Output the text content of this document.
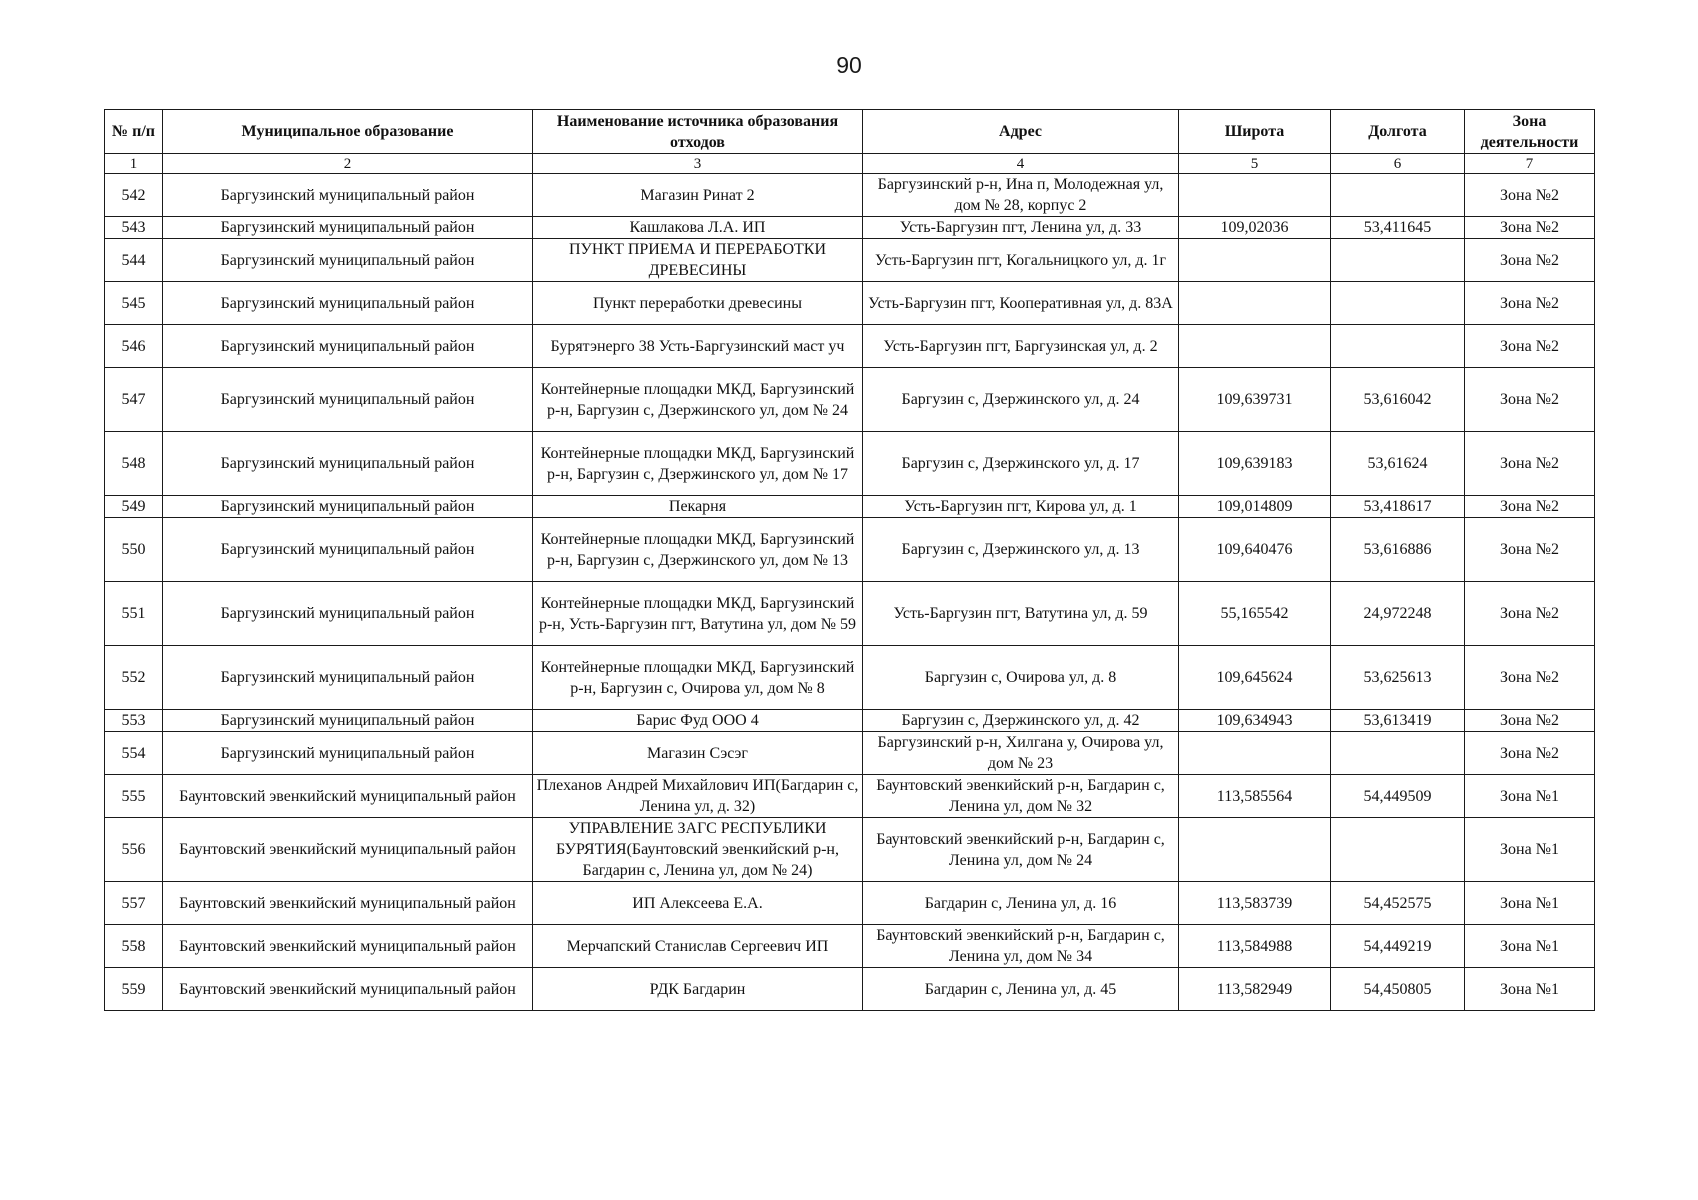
90
№ п/п	Муниципальное образование	Наименование источника образования отходов	Адрес	Широта	Долгота	Зона деятельности
1	2	3	4	5	6	7
542	Баргузинский муниципальный район	Магазин Ринат 2	Баргузинский р-н, Ина п, Молодежная ул, дом № 28, корпус 2			Зона №2
543	Баргузинский муниципальный район	Кашлакова Л.А. ИП	Усть-Баргузин пгт, Ленина ул, д. 33	109,02036	53,411645	Зона №2
544	Баргузинский муниципальный район	ПУНКТ ПРИЕМА И ПЕРЕРАБОТКИ ДРЕВЕСИНЫ	Усть-Баргузин пгт, Когальницкого ул, д. 1г			Зона №2
545	Баргузинский муниципальный район	Пункт переработки древесины	Усть-Баргузин пгт, Кооперативная ул, д. 83А			Зона №2
546	Баргузинский муниципальный район	Бурятэнерго 38 Усть-Баргузинский маст уч	Усть-Баргузин пгт, Баргузинская ул, д. 2			Зона №2
547	Баргузинский муниципальный район	Контейнерные площадки МКД, Баргузинский р-н, Баргузин с, Дзержинского ул, дом № 24	Баргузин с, Дзержинского ул, д. 24	109,639731	53,616042	Зона №2
548	Баргузинский муниципальный район	Контейнерные площадки МКД, Баргузинский р-н, Баргузин с, Дзержинского ул, дом № 17	Баргузин с, Дзержинского ул, д. 17	109,639183	53,61624	Зона №2
549	Баргузинский муниципальный район	Пекарня	Усть-Баргузин пгт, Кирова ул, д. 1	109,014809	53,418617	Зона №2
550	Баргузинский муниципальный район	Контейнерные площадки МКД, Баргузинский р-н, Баргузин с, Дзержинского ул, дом № 13	Баргузин с, Дзержинского ул, д. 13	109,640476	53,616886	Зона №2
551	Баргузинский муниципальный район	Контейнерные площадки МКД, Баргузинский р-н, Усть-Баргузин пгт, Ватутина ул, дом № 59	Усть-Баргузин пгт, Ватутина ул, д. 59	55,165542	24,972248	Зона №2
552	Баргузинский муниципальный район	Контейнерные площадки МКД, Баргузинский р-н, Баргузин с, Очирова ул, дом № 8	Баргузин с, Очирова ул, д. 8	109,645624	53,625613	Зона №2
553	Баргузинский муниципальный район	Барис Фуд ООО 4	Баргузин с, Дзержинского ул, д. 42	109,634943	53,613419	Зона №2
554	Баргузинский муниципальный район	Магазин Сэсэг	Баргузинский р-н, Хилгана у, Очирова ул, дом № 23			Зона №2
555	Баунтовский эвенкийский муниципальный район	Плеханов Андрей Михайлович ИП(Багдарин с, Ленина ул, д. 32)	Баунтовский эвенкийский р-н, Багдарин с, Ленина ул, дом № 32	113,585564	54,449509	Зона №1
556	Баунтовский эвенкийский муниципальный район	УПРАВЛЕНИЕ ЗАГС РЕСПУБЛИКИ БУРЯТИЯ(Баунтовский эвенкийский р-н, Багдарин с, Ленина ул, дом № 24)	Баунтовский эвенкийский р-н, Багдарин с, Ленина ул, дом № 24			Зона №1
557	Баунтовский эвенкийский муниципальный район	ИП Алексеева Е.А.	Багдарин с, Ленина ул, д. 16	113,583739	54,452575	Зона №1
558	Баунтовский эвенкийский муниципальный район	Мерчапский Станислав Сергеевич ИП	Баунтовский эвенкийский р-н, Багдарин с, Ленина ул, дом № 34	113,584988	54,449219	Зона №1
559	Баунтовский эвенкийский муниципальный район	РДК Багдарин	Багдарин с, Ленина ул, д. 45	113,582949	54,450805	Зона №1
